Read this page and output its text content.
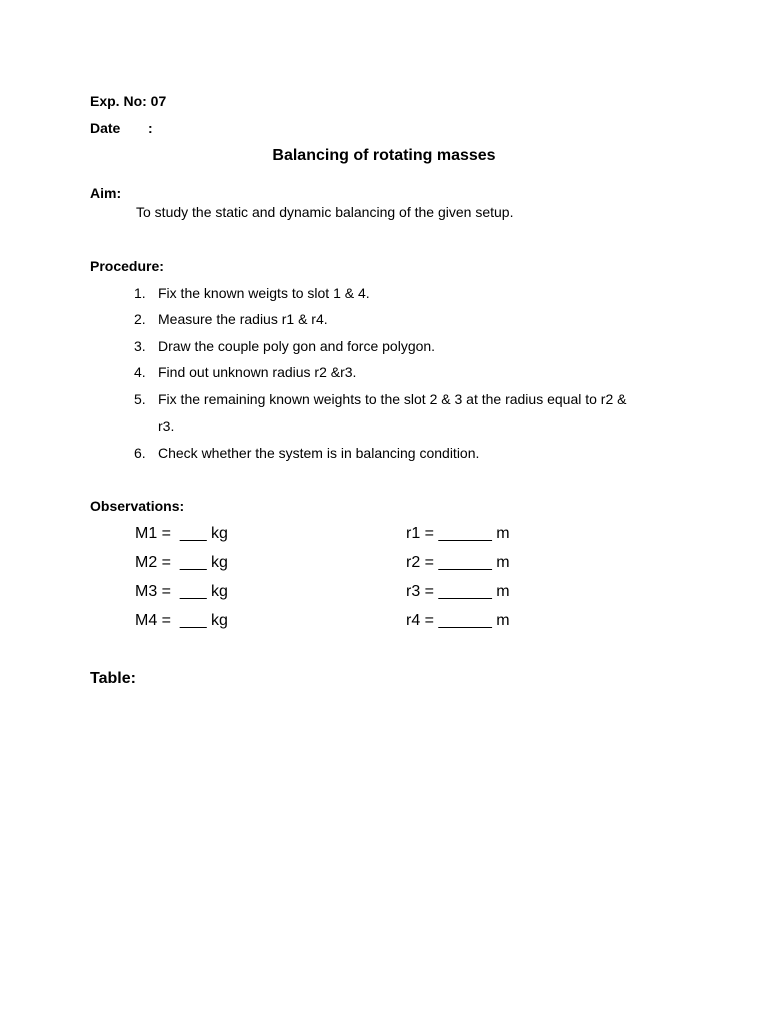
Exp. No: 07
Date :
Balancing of rotating masses
Aim:
To study the static and dynamic balancing of the given setup.
Procedure:
1. Fix the known weigts to slot 1 & 4.
2. Measure the radius r1 & r4.
3. Draw the couple poly gon and force polygon.
4. Find out unknown radius r2 &r3.
5. Fix the remaining known weights to the slot 2 & 3 at the radius equal to r2 &
r3.
6. Check whether the system is in balancing condition.
Observations:
M1 =  ___ kg
M2 =  ___ kg
M3 =  ___ kg
M4 =  ___ kg
r1 = ______ m
r2 = ______ m
r3 = ______ m
r4 = ______ m
Table:
